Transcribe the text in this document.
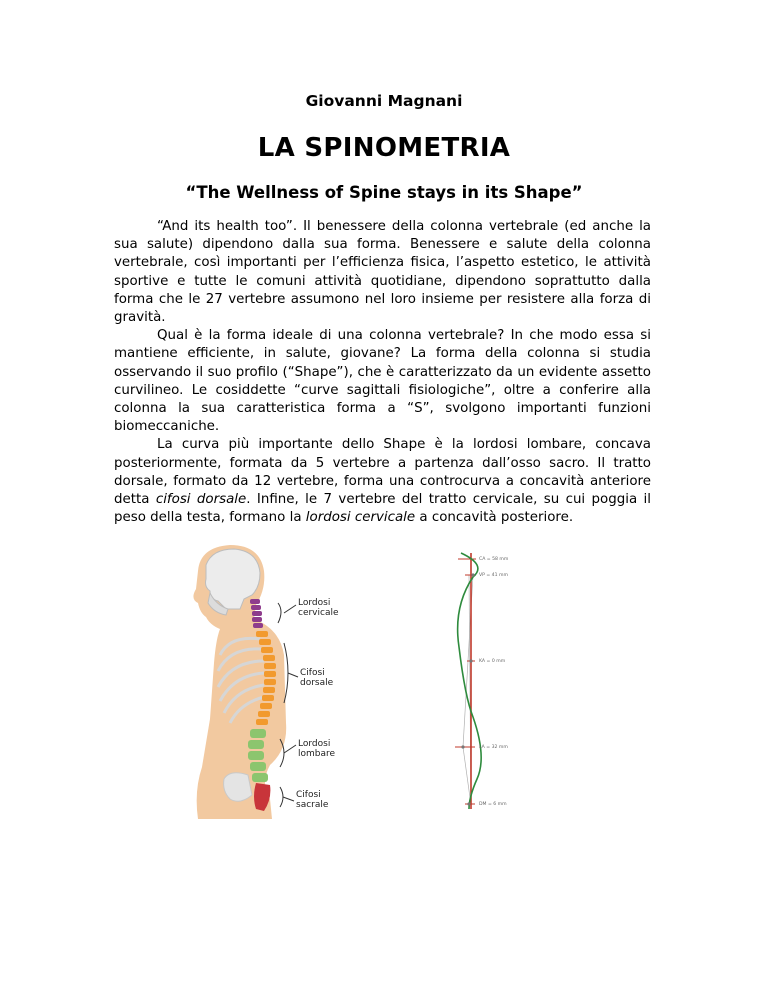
Giovanni Magnani
LA SPINOMETRIA
“The Wellness of Spine stays in its Shape”

“And its health too”. Il benessere della colonna vertebrale (ed anche la sua salute) dipendono dalla sua forma. Benessere e salute della colonna vertebrale, così importanti per l’efficienza fisica, l’aspetto estetico, le attività sportive e tutte le comuni attività quotidiane, dipendono soprattutto dalla forma che le 27 vertebre assumono nel loro insieme per resistere alla forza di gravità.

Qual è la forma ideale di una colonna vertebrale? In che modo essa si mantiene efficiente, in salute, giovane? La forma della colonna si studia osservando il suo profilo (“Shape”), che è caratterizzato da un evidente assetto curvilineo. Le cosiddette “curve sagittali fisiologiche”, oltre a conferire alla colonna la sua caratteristica forma a “S”, svolgono importanti funzioni biomeccaniche.

La curva più importante dello Shape è la lordosi lombare, concava posteriormente, formata da 5 vertebre a partenza dall’osso sacro. Il tratto dorsale, formato da 12 vertebre, forma una controcurva a concavità anteriore detta cifosi dorsale. Infine, le 7 vertebre del tratto cervicale, su cui poggia il peso della testa, formano la lordosi cervicale a concavità posteriore.

Lordosi
cervicale
Cifosi
dorsale
Lordosi
lombare
Cifosi
sacrale
CA = 58 mm
VP = 41 mm
KA = 0 mm
LA = 32 mm
DM = 6 mm
